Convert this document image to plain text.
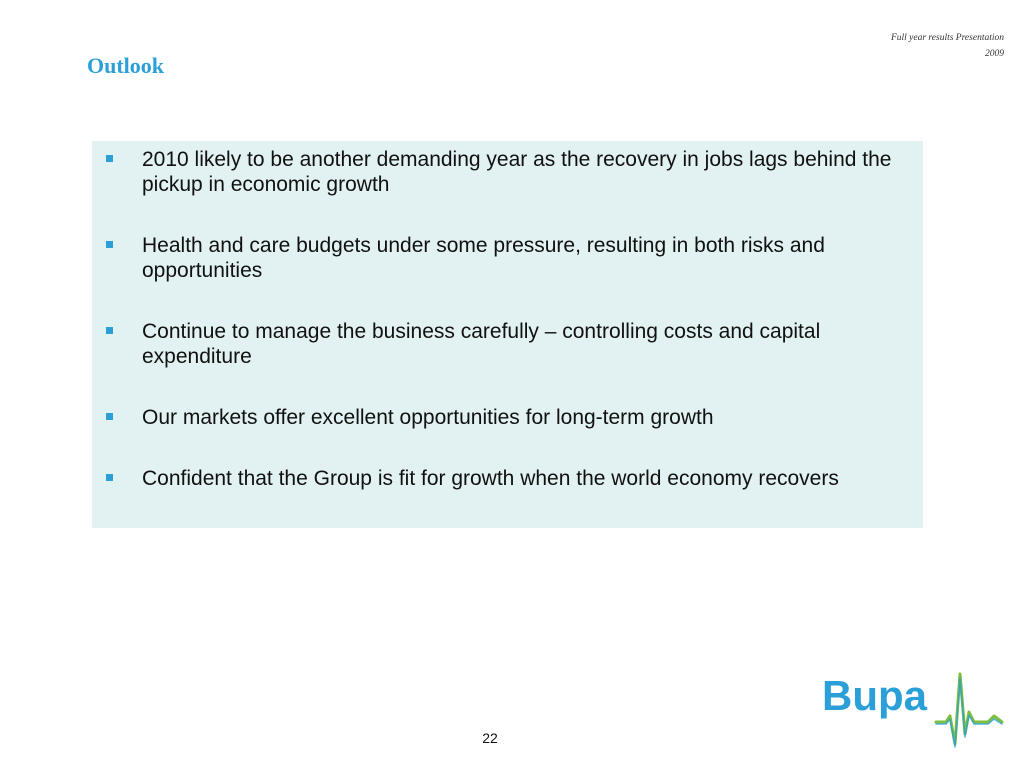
Full year results Presentation
2009
Outlook
2010 likely to be another demanding year as the recovery in jobs lags behind the pickup in economic growth
Health and care budgets under some pressure, resulting in both risks and opportunities
Continue to manage the business carefully – controlling costs and capital expenditure
Our markets offer excellent opportunities for long-term growth
Confident that the Group is fit for growth when the world economy recovers
22
Bupa
